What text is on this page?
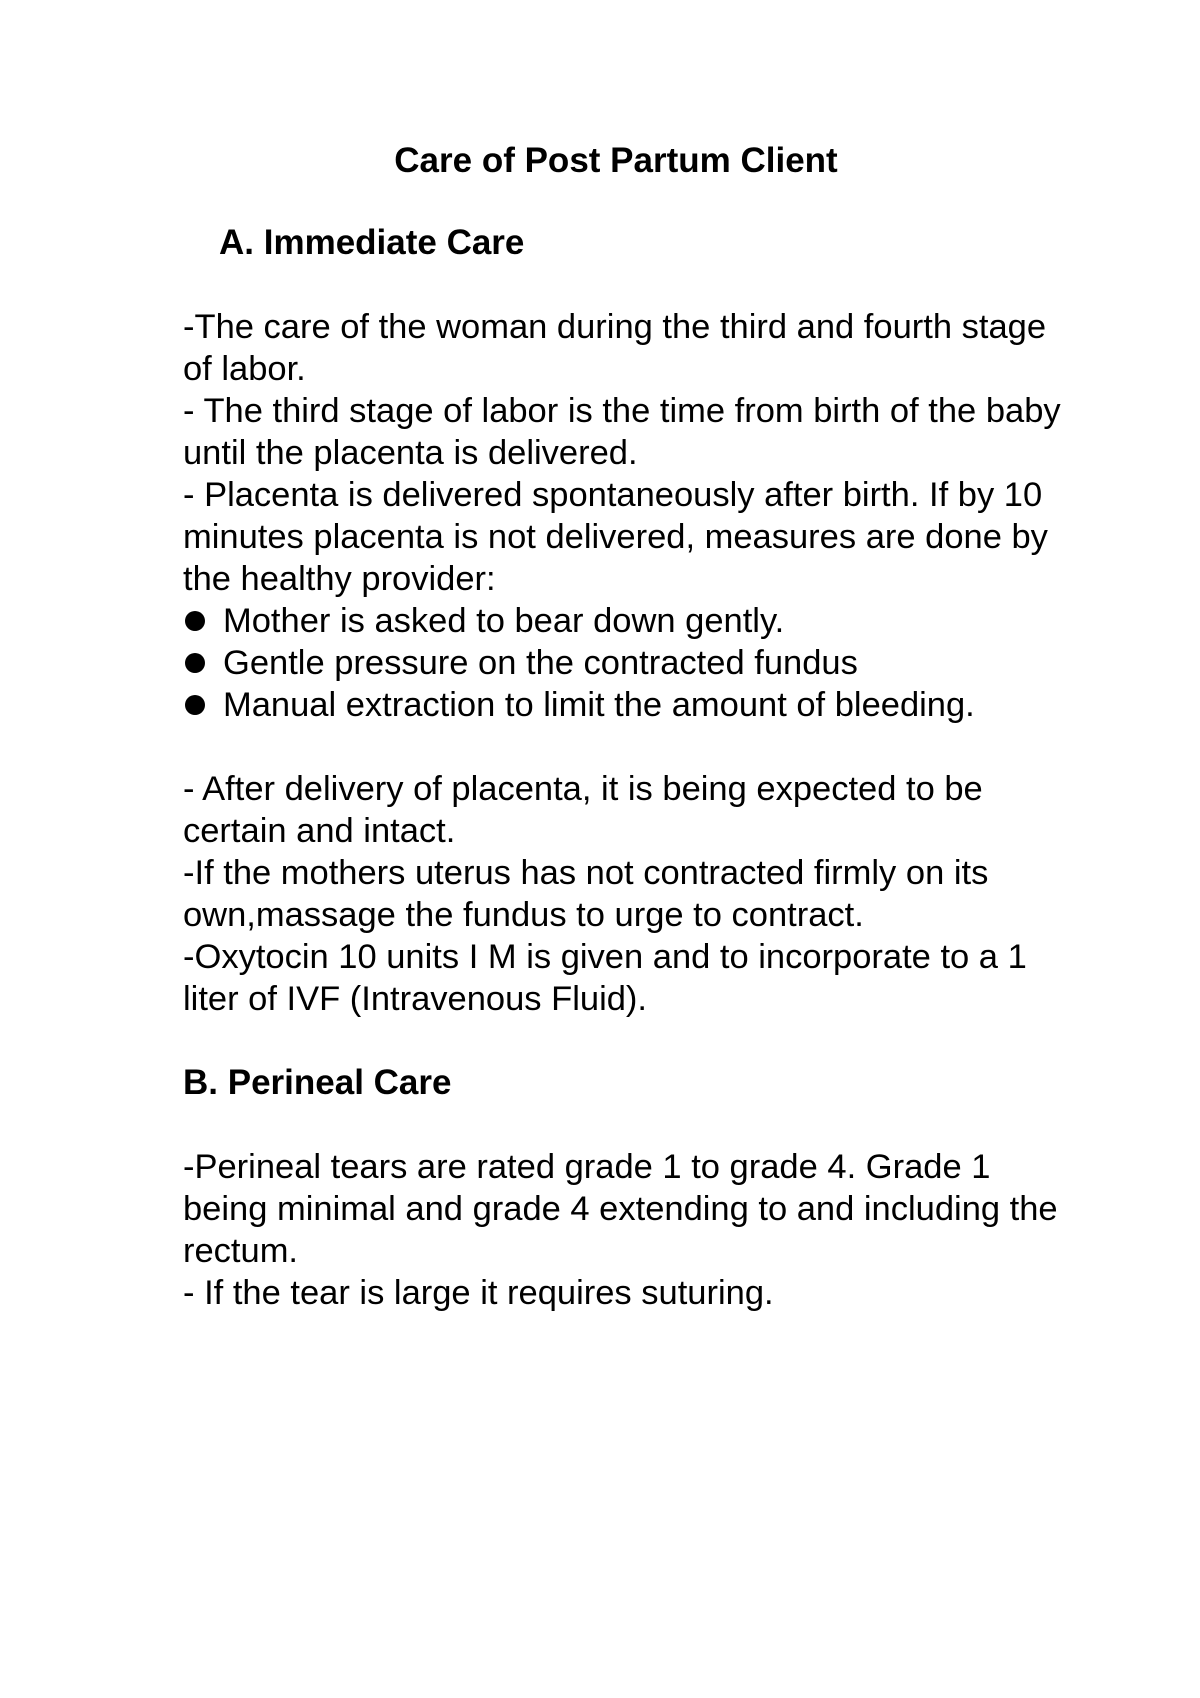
Care of Post Partum Client
A. Immediate Care

-The care of the woman during the third and fourth stage of labor.

- The third stage of labor is the time from birth of the baby until the placenta is delivered.

- Placenta is delivered spontaneously after birth. If by 10 minutes placenta is not delivered, measures are done by the healthy provider:

Mother is asked to bear down gently.
Gentle pressure on the contracted fundus
Manual extraction to limit the amount of bleeding.

- After delivery of placenta, it is being expected to be certain and intact.

-If the mothers uterus has not contracted firmly on its own,massage the fundus to urge to contract.

-Oxytocin 10 units I M is given and to incorporate to a 1 liter of IVF (Intravenous Fluid).

B. Perineal Care

-Perineal tears are rated grade 1 to grade 4. Grade 1 being minimal and grade 4 extending to and including the rectum.

- If the tear is large it requires suturing.
